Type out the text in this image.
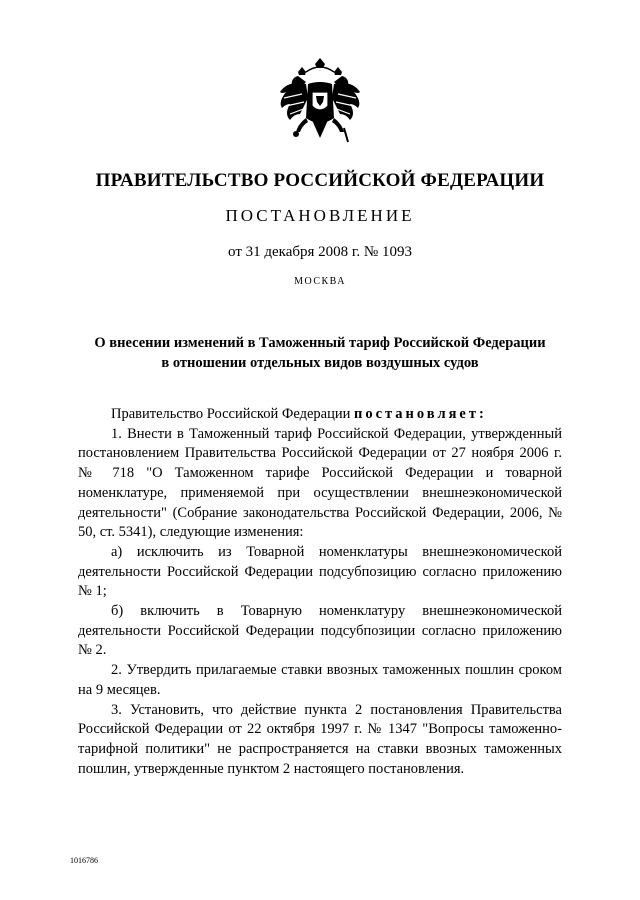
ПРАВИТЕЛЬСТВО РОССИЙСКОЙ ФЕДЕРАЦИИ
ПОСТАНОВЛЕНИЕ
от 31 декабря 2008 г. № 1093
МОСКВА
О внесении изменений в Таможенный тариф Российской Федерации
в отношении отдельных видов воздушных судов

Правительство Российской Федерации постановляет:

1. Внести в Таможенный тариф Российской Федерации, утвержденный постановлением Правительства Российской Федерации от 27 ноября 2006 г. № 718 "О Таможенном тарифе Российской Федерации и товарной номенклатуре, применяемой при осуществлении внешнеэкономической деятельности" (Собрание законодательства Российской Федерации, 2006, № 50, ст. 5341), следующие изменения:

а) исключить из Товарной номенклатуры внешнеэкономической деятельности Российской Федерации подсубпозицию согласно приложению № 1;

б) включить в Товарную номенклатуру внешнеэкономической деятельности Российской Федерации подсубпозиции согласно приложению № 2.

2. Утвердить прилагаемые ставки ввозных таможенных пошлин сроком на 9 месяцев.

3. Установить, что действие пункта 2 постановления Правительства Российской Федерации от 22 октября 1997 г. № 1347 "Вопросы таможенно-тарифной политики" не распространяется на ставки ввозных таможенных пошлин, утвержденные пунктом 2 настоящего постановления.

1016786
